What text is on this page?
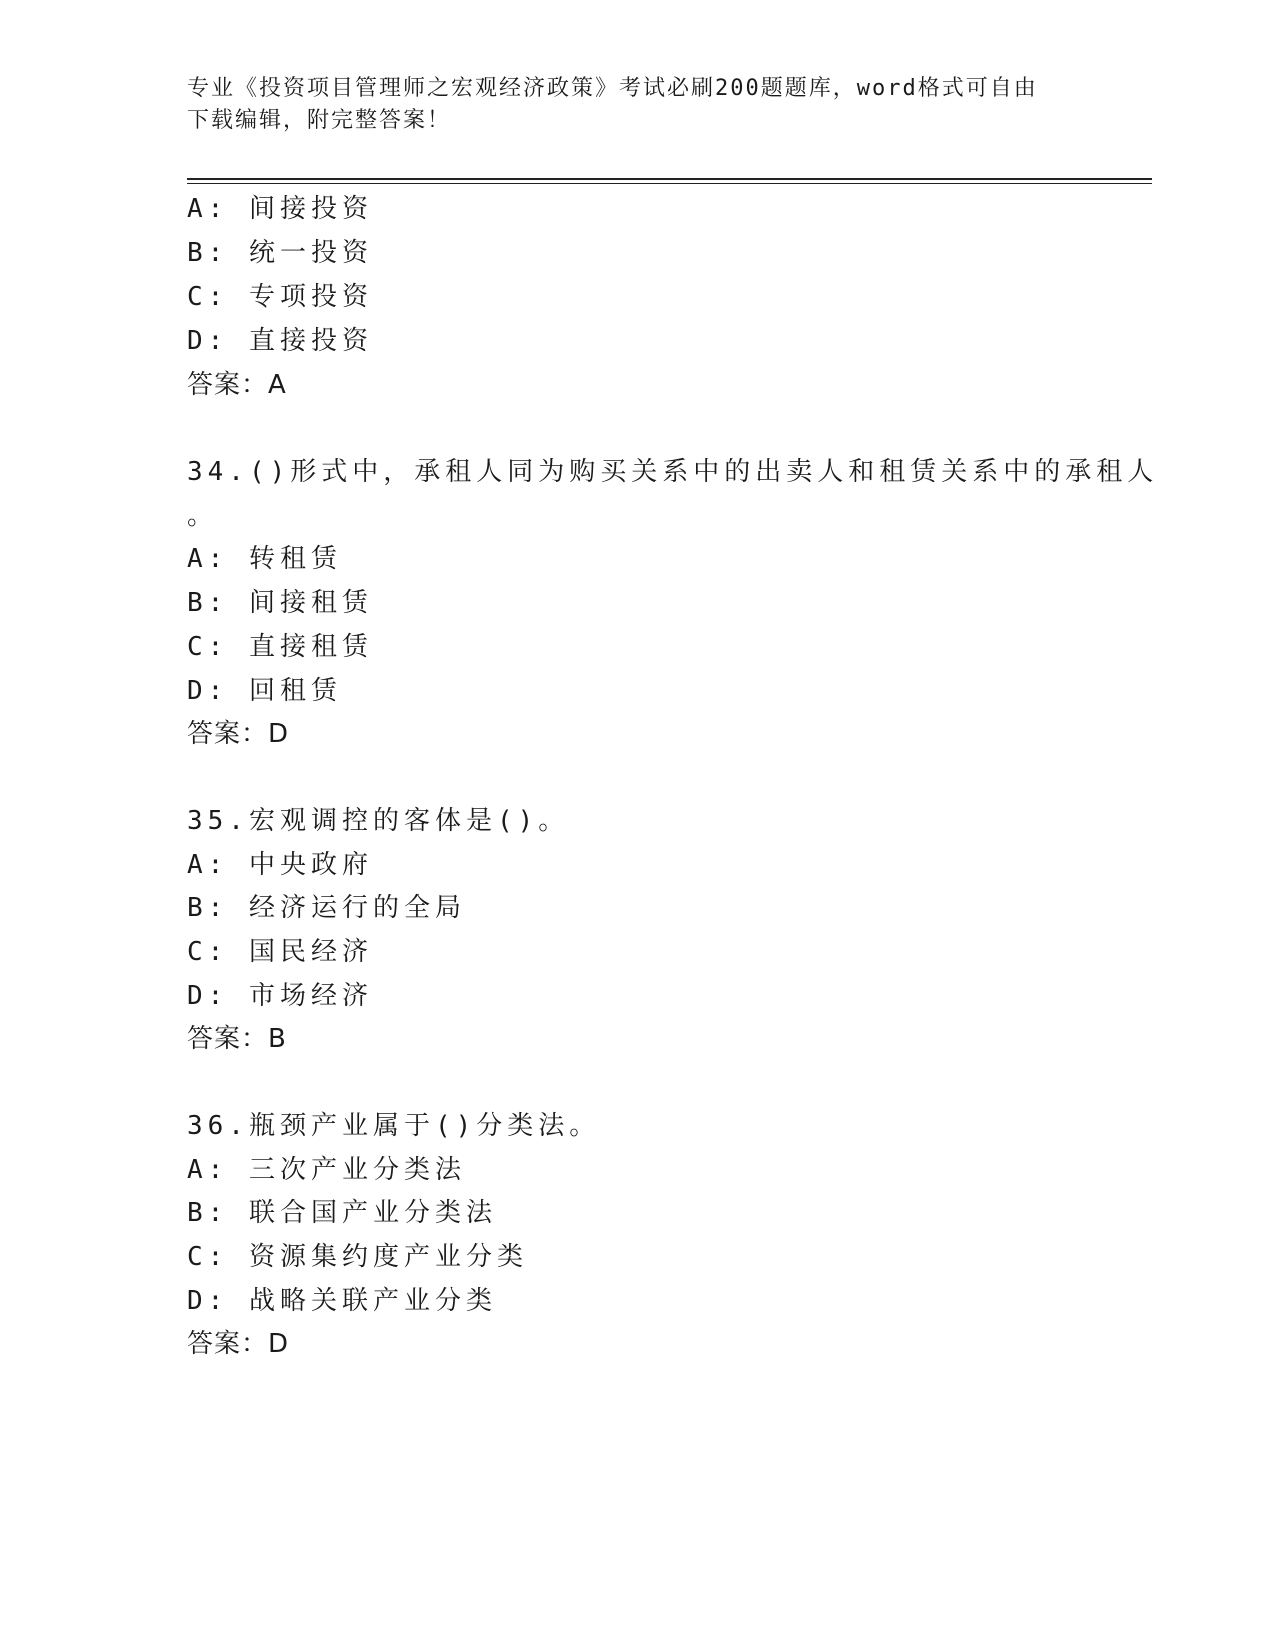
专业《投资项目管理师之宏观经济政策》考试必刷200题题库，word格式可自由
下载编辑，附完整答案！
A: 间接投资
B: 统一投资
C: 专项投资
D: 直接投资
答案：A
34.()形式中，承租人同为购买关系中的出卖人和租赁关系中的承租人
。
A: 转租赁
B: 间接租赁
C: 直接租赁
D: 回租赁
答案：D
35.宏观调控的客体是()。
A: 中央政府
B: 经济运行的全局
C: 国民经济
D: 市场经济
答案：B
36.瓶颈产业属于()分类法。
A: 三次产业分类法
B: 联合国产业分类法
C: 资源集约度产业分类
D: 战略关联产业分类
答案：D
